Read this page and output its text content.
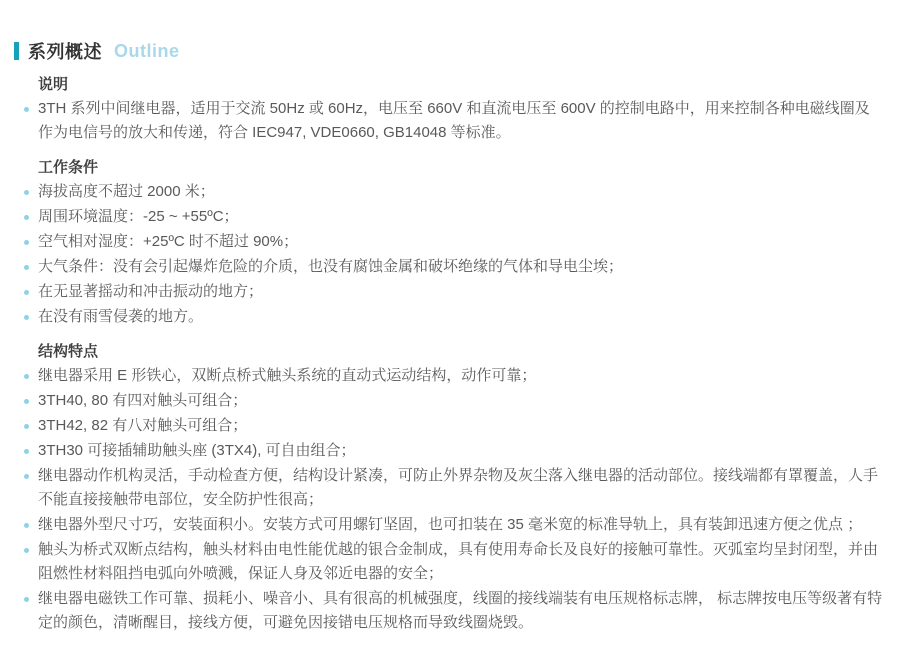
系列概述 Outline
说明
3TH 系列中间继电器，适用于交流 50Hz 或 60Hz，电压至 660V 和直流电压至 600V 的控制电路中，用来控制各种电磁线圈及作为电信号的放大和传递，符合 IEC947, VDE0660, GB14048 等标准。
工作条件
海拔高度不超过 2000 米；
周围环境温度：-25 ~ +55ºC；
空气相对湿度：+25ºC 时不超过 90%；
大气条件：没有会引起爆炸危险的介质，也没有腐蚀金属和破坏绝缘的气体和导电尘埃；
在无显著摇动和冲击振动的地方；
在没有雨雪侵袭的地方。
结构特点
继电器采用 E 形铁心，双断点桥式触头系统的直动式运动结构，动作可靠；
3TH40, 80 有四对触头可组合；
3TH42, 82 有八对触头可组合；
3TH30 可接插辅助触头座 (3TX4), 可自由组合；
继电器动作机构灵活，手动检查方便，结构设计紧凑，可防止外界杂物及灰尘落入继电器的活动部位。接线端都有罩覆盖，人手不能直接接触带电部位，安全防护性很高；
继电器外型尺寸巧，安装面积小。安装方式可用螺钉坚固，也可扣装在 35 毫米宽的标准导轨上，具有装卸迅速方便之优点 ；
触头为桥式双断点结构，触头材料由电性能优越的银合金制成，具有使用寿命长及良好的接触可靠性。灭弧室均呈封闭型，并由阻燃性材料阻挡电弧向外喷溅，保证人身及邻近电器的安全；
继电器电磁铁工作可靠、损耗小、噪音小、具有很高的机械强度，线圈的接线端装有电压规格标志牌， 标志牌按电压等级著有特定的颜色，清晰醒目，接线方便，可避免因接错电压规格而导致线圈烧毁。
